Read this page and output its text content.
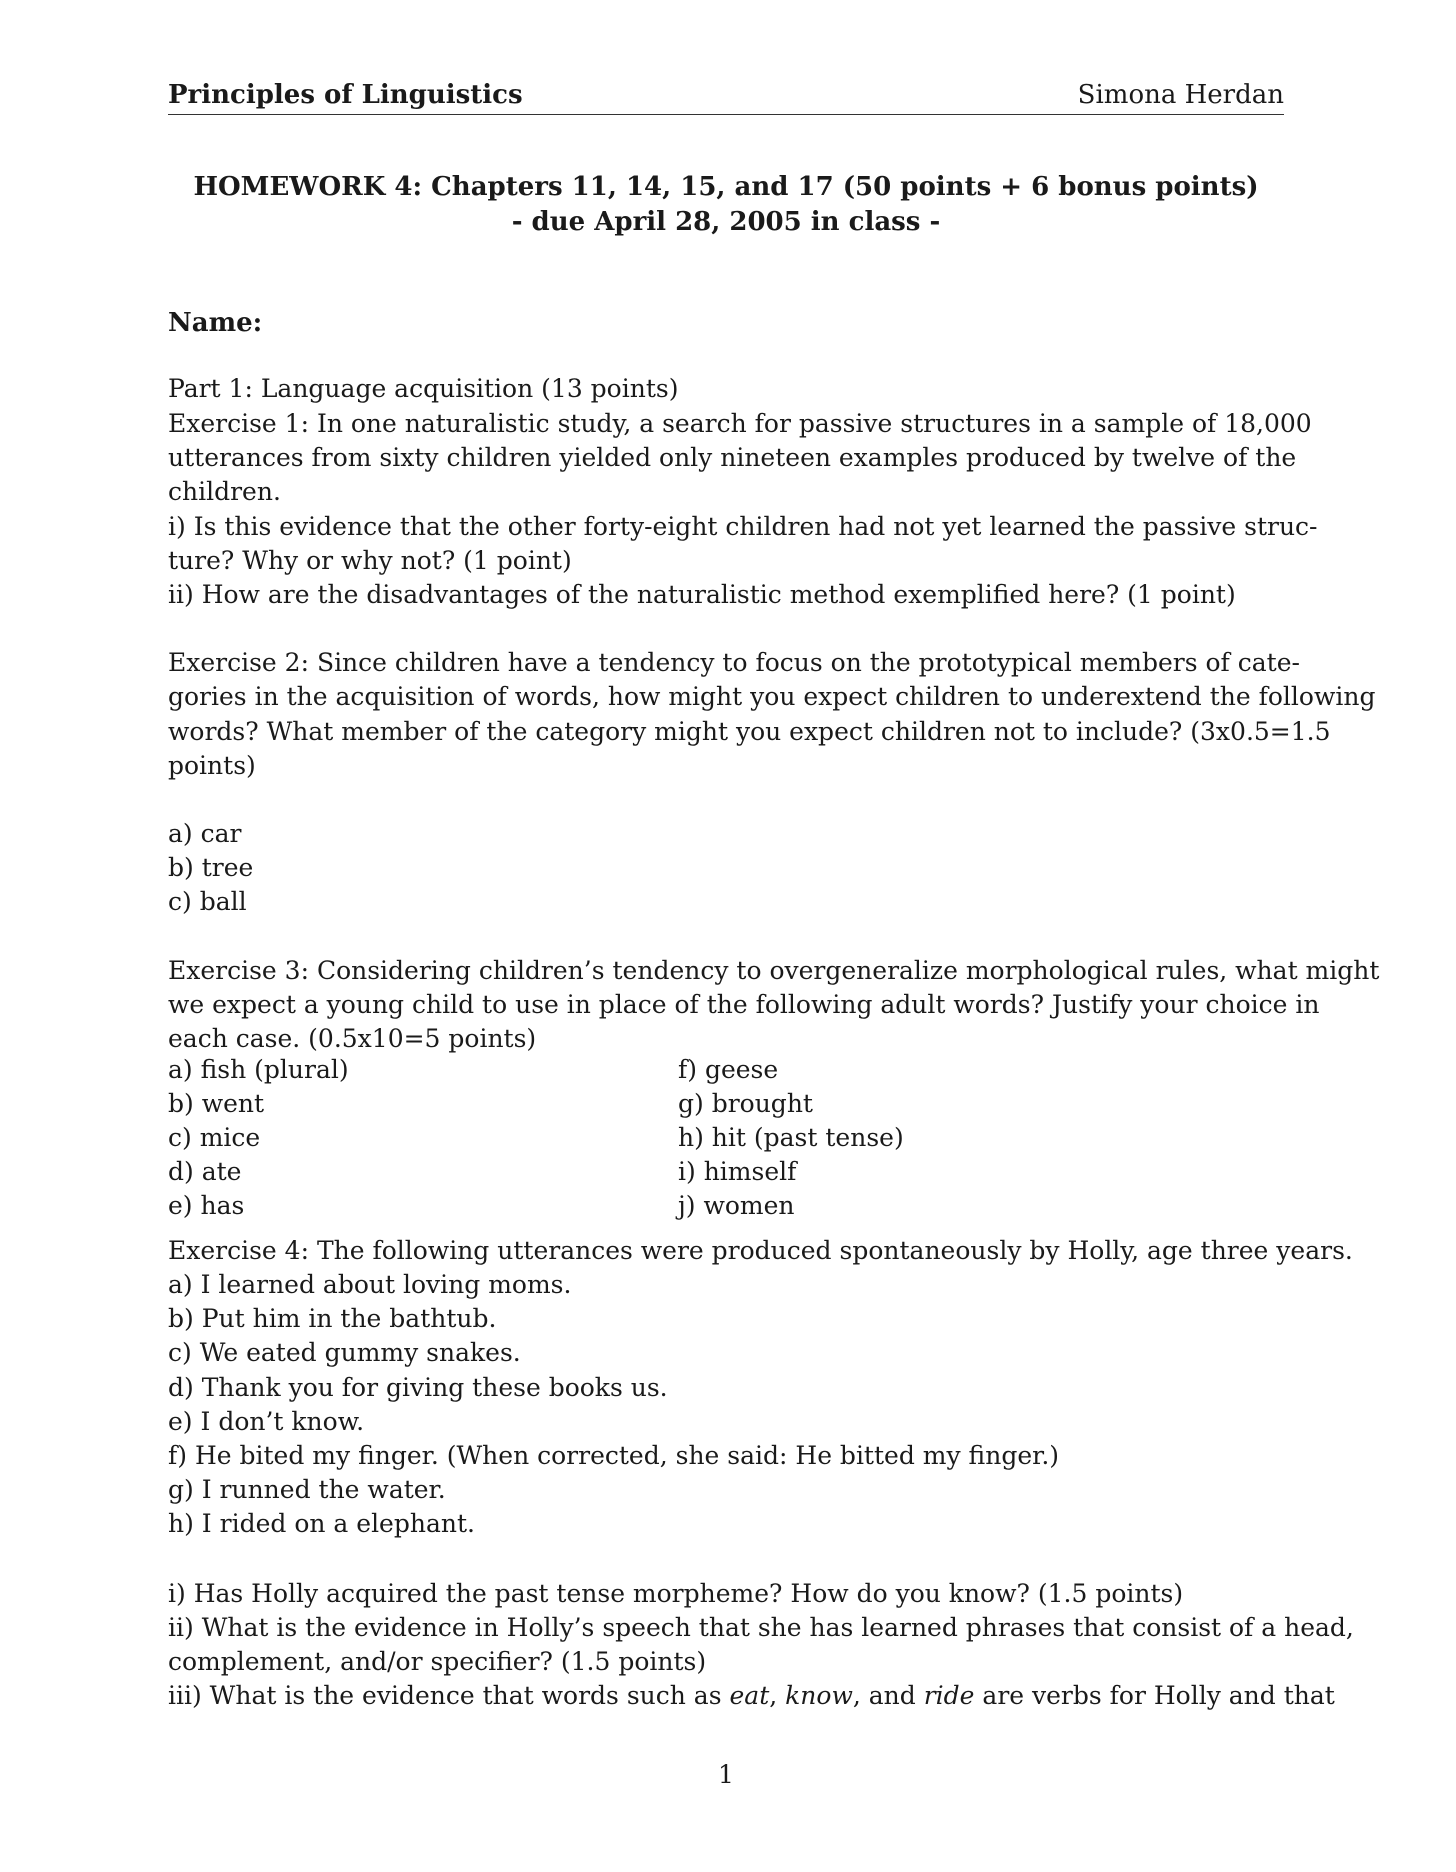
Principles of Linguistics	Simona Herdan
HOMEWORK 4: Chapters 11, 14, 15, and 17 (50 points + 6 bonus points)
- due April 28, 2005 in class -
Name:
Part 1: Language acquisition (13 points)
Exercise 1: In one naturalistic study, a search for passive structures in a sample of 18,000
utterances from sixty children yielded only nineteen examples produced by twelve of the
children.
i) Is this evidence that the other forty-eight children had not yet learned the passive struc-
ture? Why or why not? (1 point)
ii) How are the disadvantages of the naturalistic method exemplified here? (1 point)
Exercise 2: Since children have a tendency to focus on the prototypical members of cate-
gories in the acquisition of words, how might you expect children to underextend the following
words? What member of the category might you expect children not to include? (3x0.5=1.5
points)
a) car
b) tree
c) ball
Exercise 3: Considering children’s tendency to overgeneralize morphological rules, what might
we expect a young child to use in place of the following adult words? Justify your choice in
each case. (0.5x10=5 points)
a) fish (plural)
b) went
c) mice
d) ate
e) has
f) geese
g) brought
h) hit (past tense)
i) himself
j) women
Exercise 4: The following utterances were produced spontaneously by Holly, age three years.
a) I learned about loving moms.
b) Put him in the bathtub.
c) We eated gummy snakes.
d) Thank you for giving these books us.
e) I don’t know.
f) He bited my finger. (When corrected, she said: He bitted my finger.)
g) I runned the water.
h) I rided on a elephant.
i) Has Holly acquired the past tense morpheme? How do you know? (1.5 points)
ii) What is the evidence in Holly’s speech that she has learned phrases that consist of a head,
complement, and/or specifier? (1.5 points)
iii) What is the evidence that words such as eat, know, and ride are verbs for Holly and that
1
